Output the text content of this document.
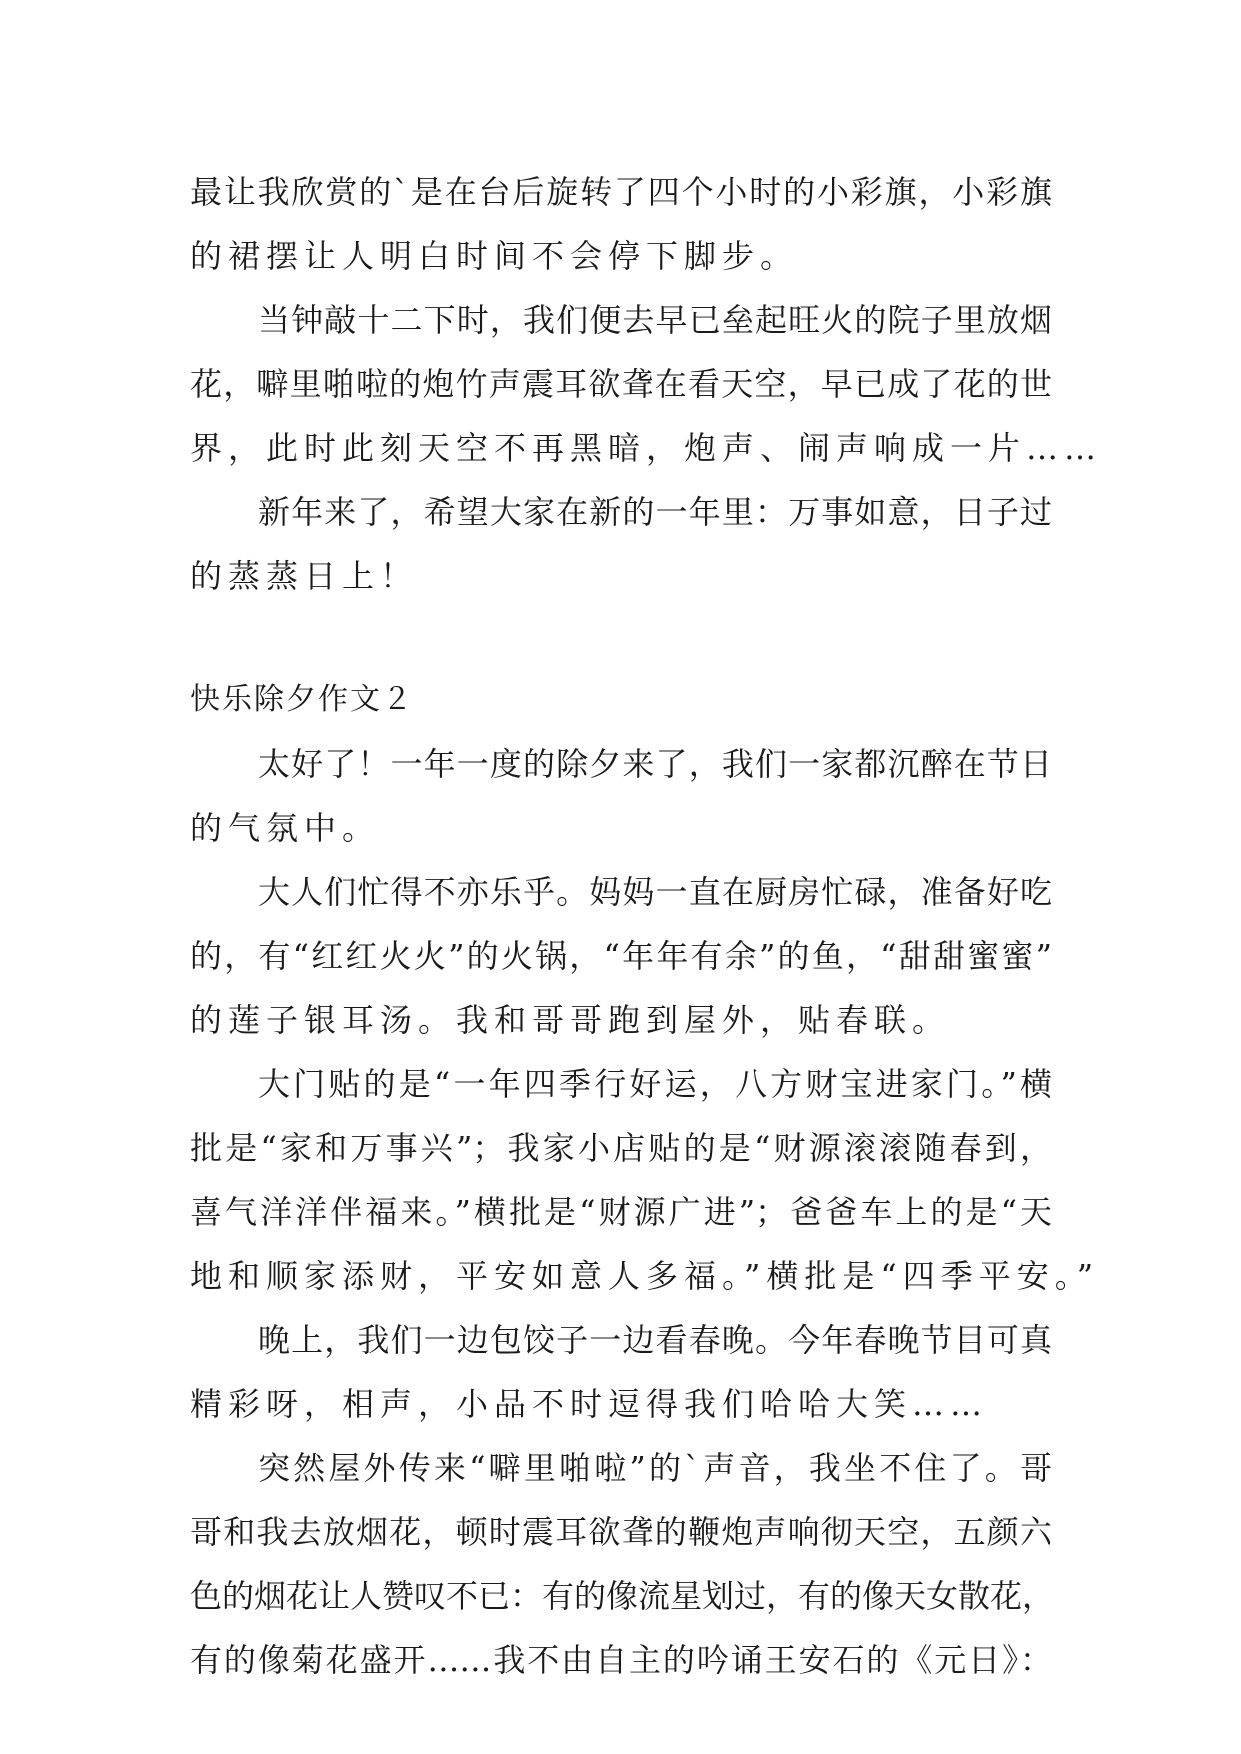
最让我欣赏的`是在台后旋转了四个小时的小彩旗，小彩旗
的裙摆让人明白时间不会停下脚步。
当钟敲十二下时，我们便去早已垒起旺火的院子里放烟
花，噼里啪啦的炮竹声震耳欲聋在看天空，早已成了花的世
界，此时此刻天空不再黑暗，炮声、闹声响成一片……
新年来了，希望大家在新的一年里：万事如意，日子过
的蒸蒸日上！
快乐除夕作文２
太好了！一年一度的除夕来了，我们一家都沉醉在节日
的气氛中。
大人们忙得不亦乐乎。妈妈一直在厨房忙碌，准备好吃
的，有“红红火火”的火锅，“年年有余”的鱼，“甜甜蜜蜜”
的莲子银耳汤。我和哥哥跑到屋外，贴春联。
大门贴的是“一年四季行好运，八方财宝进家门。”横
批是“家和万事兴”；我家小店贴的是“财源滚滚随春到，
喜气洋洋伴福来。”横批是“财源广进”；爸爸车上的是“天
地和顺家添财，平安如意人多福。”横批是“四季平安。”
晚上，我们一边包饺子一边看春晚。今年春晚节目可真
精彩呀，相声，小品不时逗得我们哈哈大笑……
突然屋外传来“噼里啪啦”的`声音，我坐不住了。哥
哥和我去放烟花，顿时震耳欲聋的鞭炮声响彻天空，五颜六
色的烟花让人赞叹不已：有的像流星划过，有的像天女散花，
有的像菊花盛开……我不由自主的吟诵王安石的《元日》：
